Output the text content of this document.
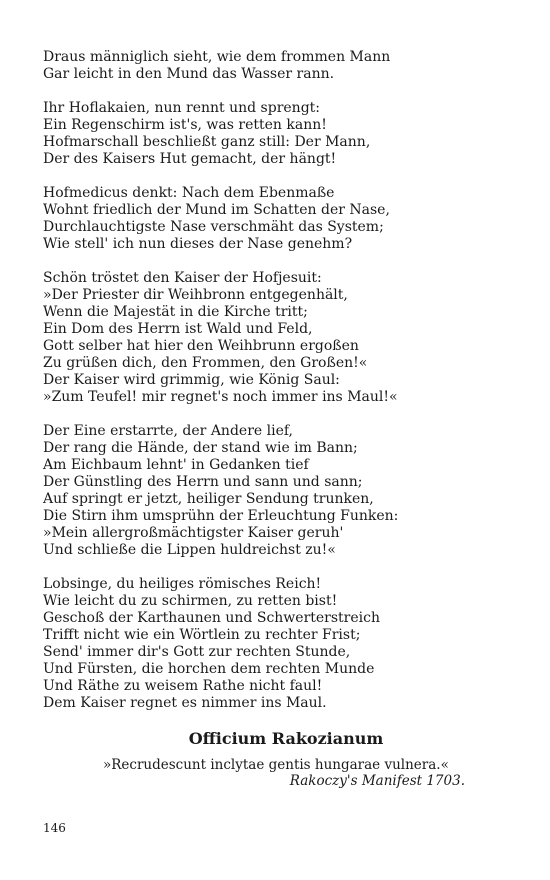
Draus männiglich sieht, wie dem frommen Mann
Gar leicht in den Mund das Wasser rann.
Ihr Hoflakaien, nun rennt und sprengt:
Ein Regenschirm ist's, was retten kann!
Hofmarschall beschließt ganz still: Der Mann,
Der des Kaisers Hut gemacht, der hängt!
Hofmedicus denkt: Nach dem Ebenmaße
Wohnt friedlich der Mund im Schatten der Nase,
Durchlauchtigste Nase verschmäht das System;
Wie stell' ich nun dieses der Nase genehm?
Schön tröstet den Kaiser der Hofjesuit:
»Der Priester dir Weihbronn entgegenhält,
Wenn die Majestät in die Kirche tritt;
Ein Dom des Herrn ist Wald und Feld,
Gott selber hat hier den Weihbrunn ergoßen
Zu grüßen dich, den Frommen, den Großen!«
Der Kaiser wird grimmig, wie König Saul:
»Zum Teufel! mir regnet's noch immer ins Maul!«
Der Eine erstarrte, der Andere lief,
Der rang die Hände, der stand wie im Bann;
Am Eichbaum lehnt' in Gedanken tief
Der Günstling des Herrn und sann und sann;
Auf springt er jetzt, heiliger Sendung trunken,
Die Stirn ihm umsprühn der Erleuchtung Funken:
»Mein allergroßmächtigster Kaiser geruh'
Und schließe die Lippen huldreichst zu!«
Lobsinge, du heiliges römisches Reich!
Wie leicht du zu schirmen, zu retten bist!
Geschoß der Karthaunen und Schwerterstreich
Trifft nicht wie ein Wörtlein zu rechter Frist;
Send' immer dir's Gott zur rechten Stunde,
Und Fürsten, die horchen dem rechten Munde
Und Räthe zu weisem Rathe nicht faul!
Dem Kaiser regnet es nimmer ins Maul.
Officium Rakozianum
»Recrudescunt inclytae gentis hungarae vulnera.«
Rakoczy's Manifest 1703.
146
